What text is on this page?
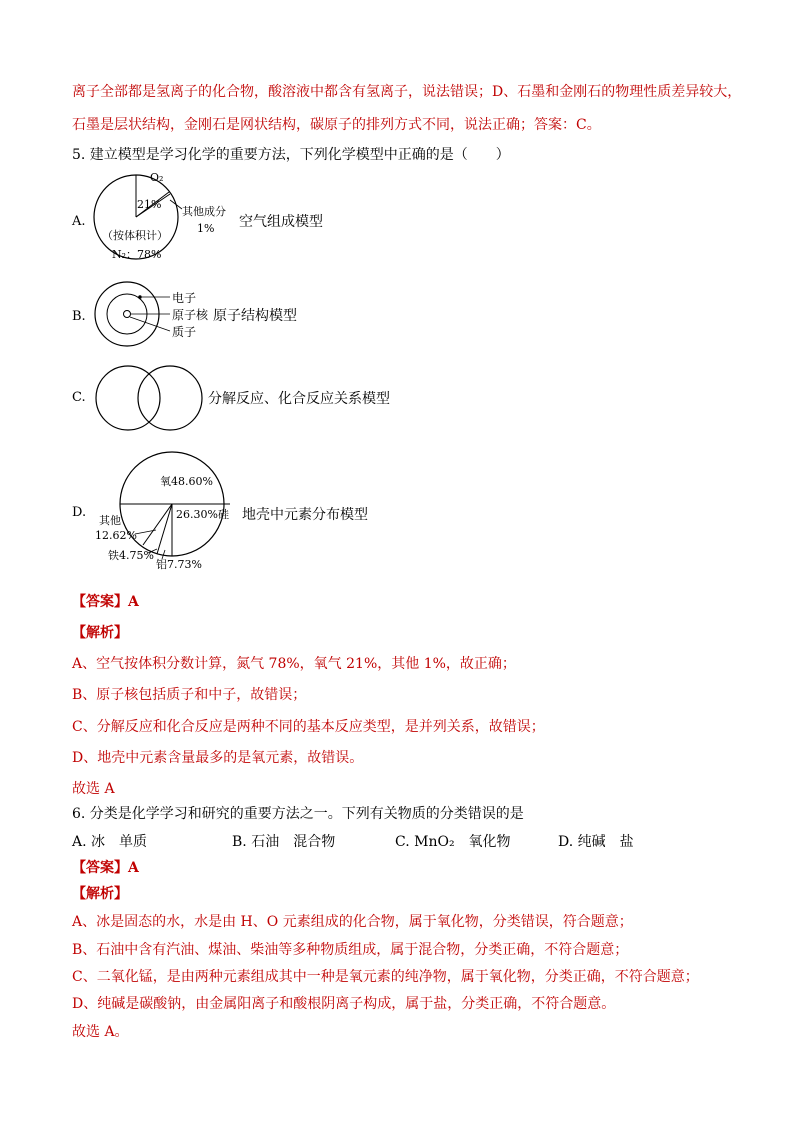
离子全部都是氢离子的化合物，酸溶液中都含有氢离子，说法错误；D、石墨和金刚石的物理性质差异较大，
石墨是层状结构，金刚石是网状结构，碳原子的排列方式不同，说法正确；答案：C。
5. 建立模型是学习化学的重要方法，下列化学模型中正确的是（　　）
A.
O₂
21%
其他成分
1%
（按体积计）
N₂：78%
空气组成模型
B.
电子
原子核
质子
原子结构模型
C.	分解反应、化合反应关系模型
D.
氧48.60%
26.30%硅
其他
12.62%
铁4.75%
铝7.73%
地壳中元素分布模型
【答案】A
【解析】
A、空气按体积分数计算，氮气 78%，氧气 21%，其他 1%，故正确；
B、原子核包括质子和中子，故错误；
C、分解反应和化合反应是两种不同的基本反应类型，是并列关系，故错误；
D、地壳中元素含量最多的是氧元素，故错误。
故选 A
6. 分类是化学学习和研究的重要方法之一。下列有关物质的分类错误的是
A. 冰　单质	B. 石油　混合物	C. MnO₂　氧化物	D. 纯碱　盐
【答案】A
【解析】
A、冰是固态的水，水是由 H、O 元素组成的化合物，属于氧化物，分类错误，符合题意；
B、石油中含有汽油、煤油、柴油等多种物质组成，属于混合物，分类正确，不符合题意；
C、二氧化锰，是由两种元素组成其中一种是氧元素的纯净物，属于氧化物，分类正确，不符合题意；
D、纯碱是碳酸钠，由金属阳离子和酸根阴离子构成，属于盐，分类正确，不符合题意。
故选 A。
